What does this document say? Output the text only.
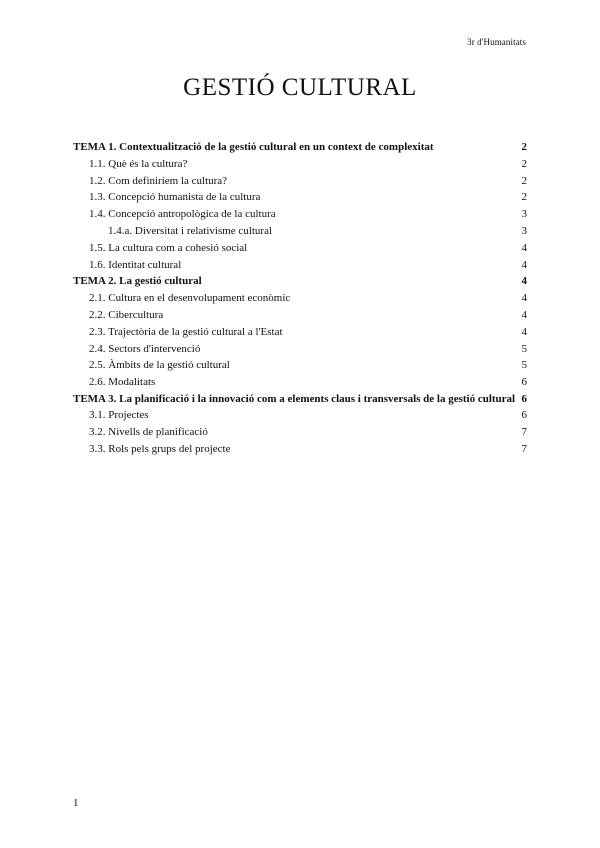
3r d'Humanitats
GESTIÓ CULTURAL
TEMA 1. Contextualització de la gestió cultural en un context de complexitat	2
1.1. Què és la cultura?	2
1.2. Com definiríem la cultura?	2
1.3. Concepció humanista de la cultura	2
1.4. Concepció antropològica de la cultura	3
1.4.a. Diversitat i relativisme cultural	3
1.5. La cultura com a cohesió social	4
1.6. Identitat cultural	4
TEMA 2. La gestió cultural	4
2.1. Cultura en el desenvolupament econòmic	4
2.2. Cibercultura	4
2.3. Trajectòria de la gestió cultural a l'Estat	4
2.4. Sectors d'intervenció	5
2.5. Àmbits de la gestió cultural	5
2.6. Modalitats	6
TEMA 3. La planificació i la innovació com a elements claus i transversals de la gestió cultural 6
3.1. Projectes	6
3.2. Nivells de planificació	7
3.3. Rols pels grups del projecte	7
1
